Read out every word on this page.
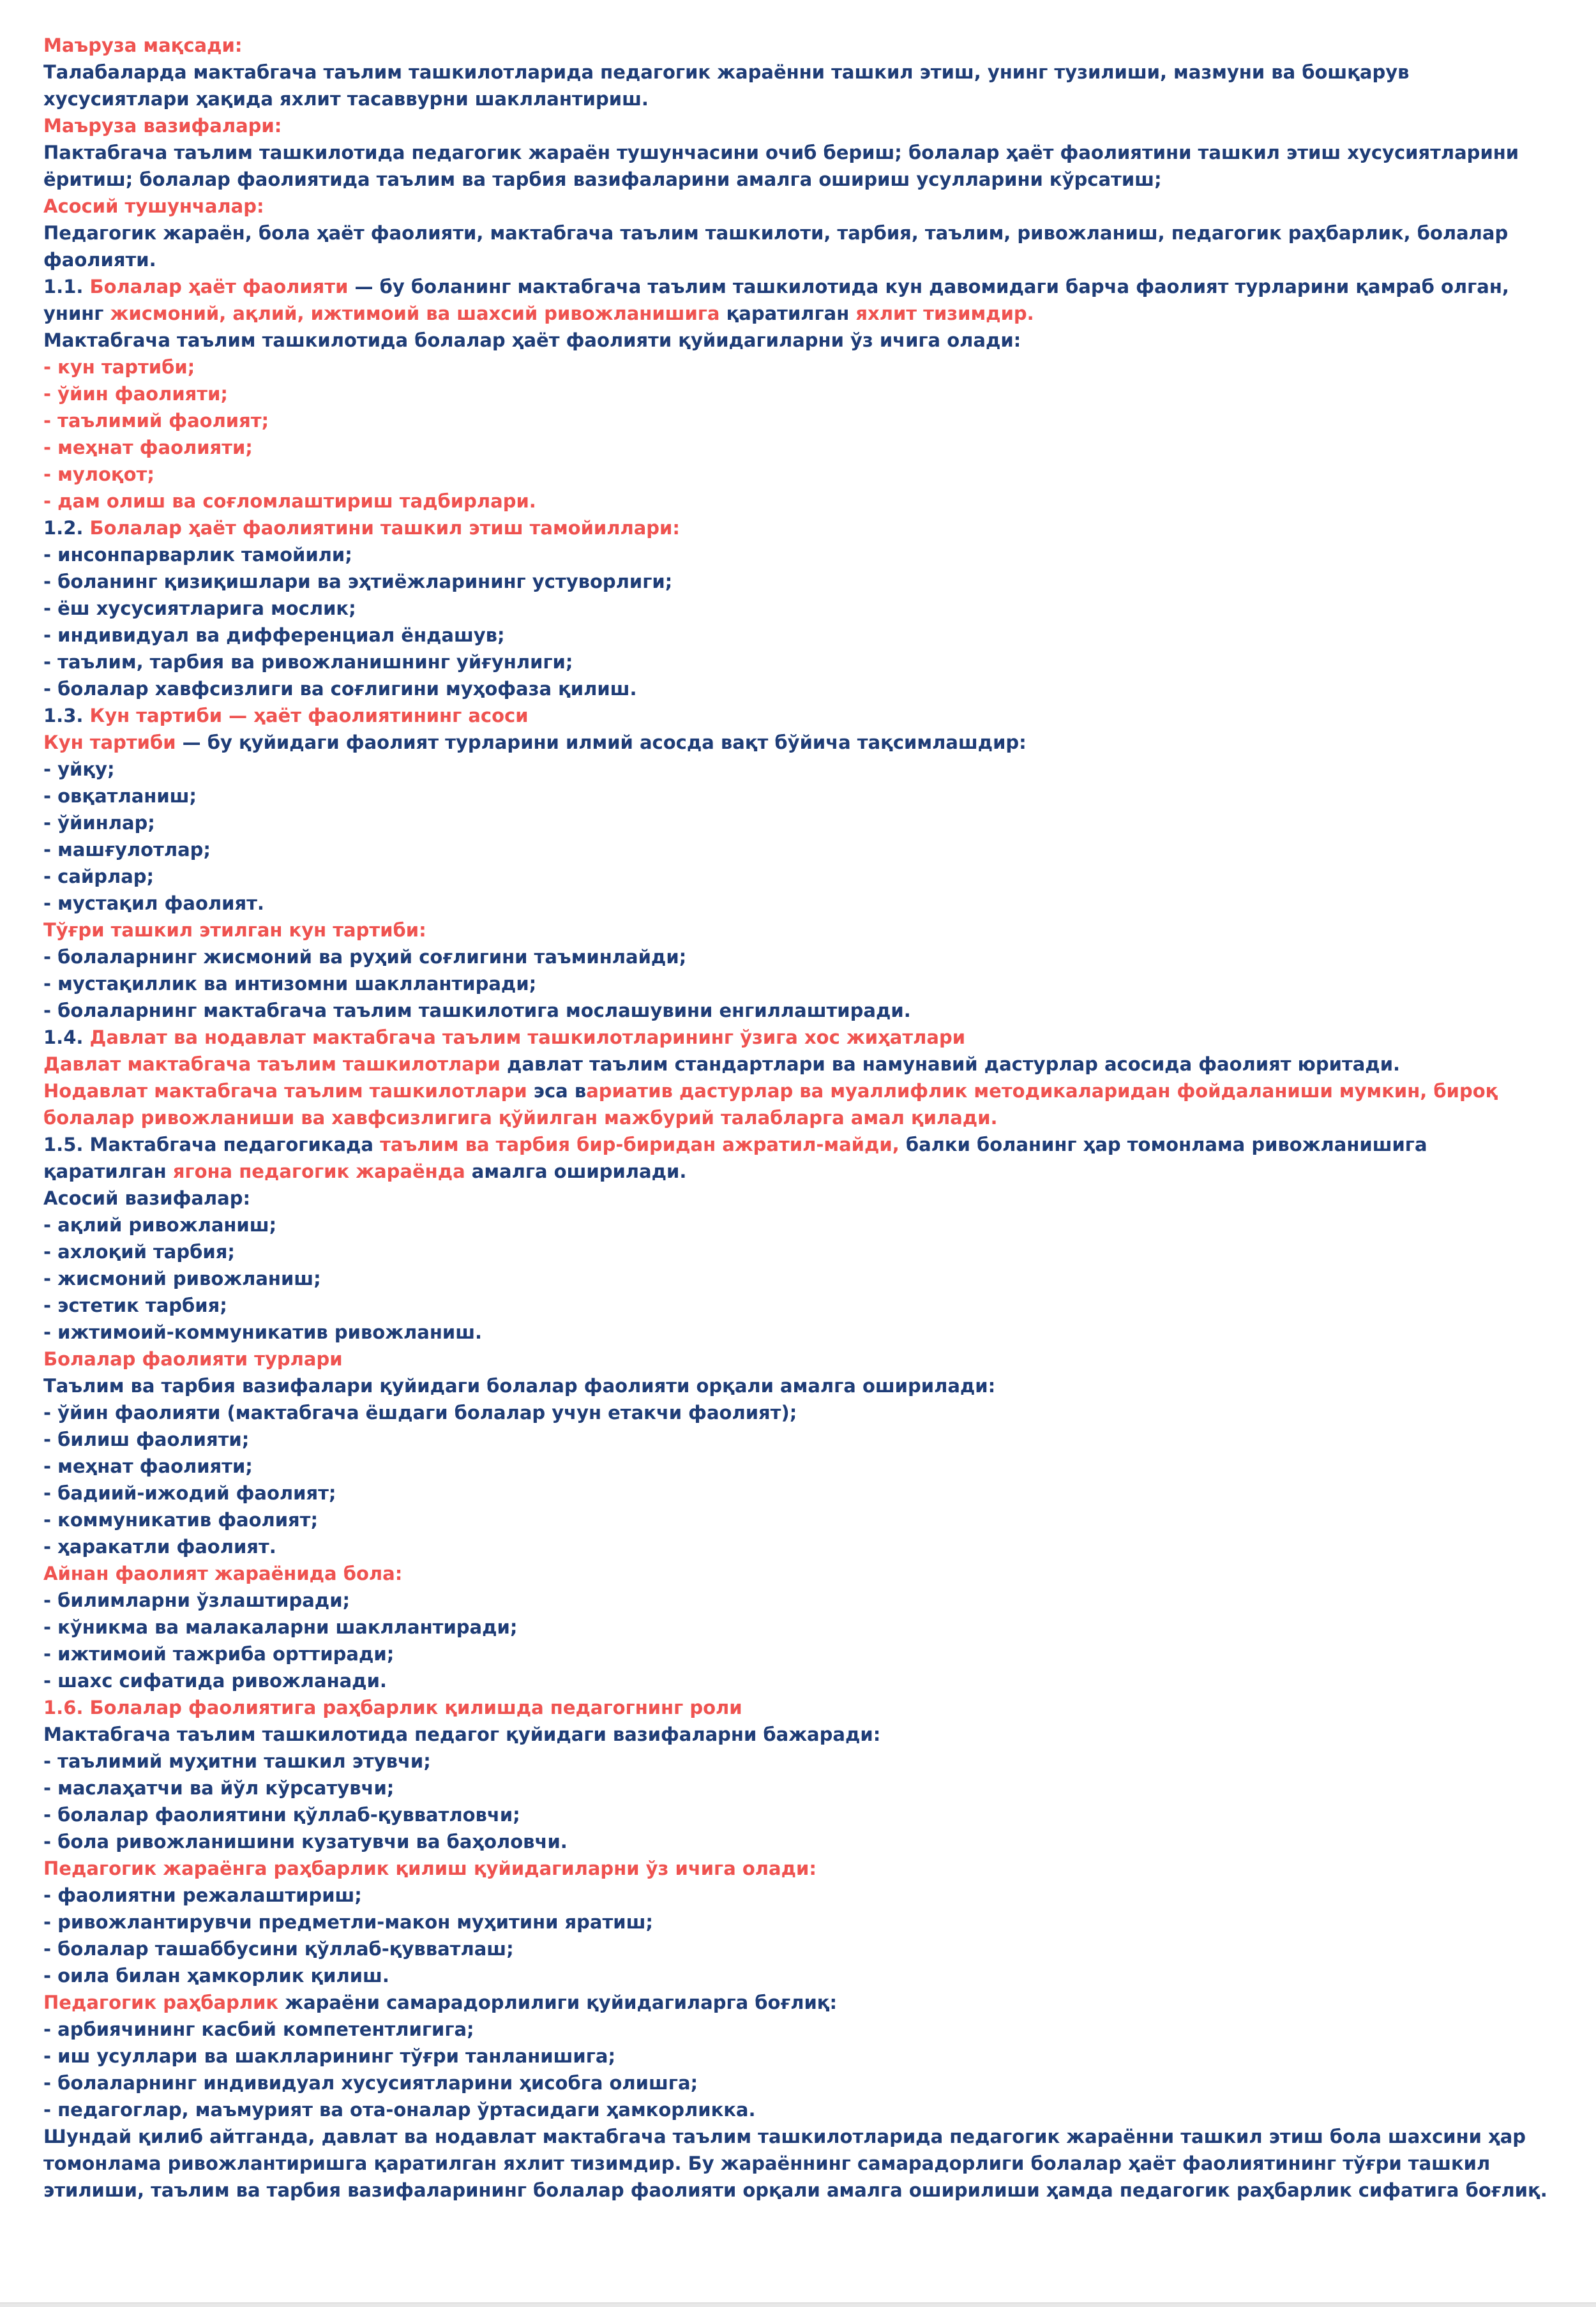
Маъруза мақсади:

Талабаларда мактабгача таълим ташкилотларида педагогик жараённи ташкил этиш, унинг тузилиши, мазмуни ва бошқарув хусусиятлари ҳақида яхлит тасаввурни шакллантириш.

Маъруза вазифалари:

Пактабгача таълим ташкилотида педагогик жараён тушунчасини очиб бериш; болалар ҳаёт фаолиятини ташкил этиш хусусиятларини ёритиш; болалар фаолиятида таълим ва тарбия вазифаларини амалга ошириш усулларини кўрсатиш;

Асосий тушунчалар:

Педагогик жараён, бола ҳаёт фаолияти, мактабгача таълим ташкилоти, тарбия, таълим, ривожланиш, педагогик раҳбарлик, болалар фаолияти.

1.1. Болалар ҳаёт фаолияти — бу боланинг мактабгача таълим ташкилотида кун давомидаги барча фаолият турларини қамраб олган, унинг жисмоний, ақлий, ижтимоий ва шахсий ривожланишига қаратилган яхлит тизимдир.

Мактабгача таълим ташкилотида болалар ҳаёт фаолияти қуйидагиларни ўз ичига олади:

- кун тартиби;

- ўйин фаолияти;

- таълимий фаолият;

- меҳнат фаолияти;

- мулоқот;

- дам олиш ва соғломлаштириш тадбирлари.

1.2. Болалар ҳаёт фаолиятини ташкил этиш тамойиллари:

- инсонпарварлик тамойили;

- боланинг қизиқишлари ва эҳтиёжларининг устуворлиги;

- ёш хусусиятларига мослик;

- индивидуал ва дифференциал ёндашув;

- таълим, тарбия ва ривожланишнинг уйғунлиги;

- болалар хавфсизлиги ва соғлигини муҳофаза қилиш.

1.3. Кун тартиби — ҳаёт фаолиятининг асоси

Кун тартиби — бу қуйидаги фаолият турларини илмий асосда вақт бўйича тақсимлашдир:

- уйқу;

- овқатланиш;

- ўйинлар;

- машғулотлар;

- сайрлар;

- мустақил фаолият.

Тўғри ташкил этилган кун тартиби:

- болаларнинг жисмоний ва руҳий соғлигини таъминлайди;

- мустақиллик ва интизомни шакллантиради;

- болаларнинг мактабгача таълим ташкилотига мослашувини енгиллаштиради.

1.4. Давлат ва нодавлат мактабгача таълим ташкилотларининг ўзига хос жиҳатлари

Давлат мактабгача таълим ташкилотлари давлат таълим стандартлари ва намунавий дастурлар асосида фаолият юритади.

Нодавлат мактабгача таълим ташкилотлари эса вариатив дастурлар ва муаллифлик методикаларидан фойдаланиши мумкин, бироқ болалар ривожланиши ва хавфсизлигига қўйилган мажбурий талабларга амал қилади.

1.5. Мактабгача педагогикада таълим ва тарбия бир-биридан ажратил-майди, балки боланинг ҳар томонлама ривожланишига қаратилган ягона педагогик жараёнда амалга оширилади.

Асосий вазифалар:

- ақлий ривожланиш;

- ахлоқий тарбия;

- жисмоний ривожланиш;

- эстетик тарбия;

- ижтимоий-коммуникатив ривожланиш.

Болалар фаолияти турлари

Таълим ва тарбия вазифалари қуйидаги болалар фаолияти орқали амалга оширилади:

- ўйин фаолияти (мактабгача ёшдаги болалар учун етакчи фаолият);

- билиш фаолияти;

- меҳнат фаолияти;

- бадиий-ижодий фаолият;

- коммуникатив фаолият;

- ҳаракатли фаолият.

Айнан фаолият жараёнида бола:

- билимларни ўзлаштиради;

- кўникма ва малакаларни шакллантиради;

- ижтимоий тажриба орттиради;

- шахс сифатида ривожланади.

1.6. Болалар фаолиятига раҳбарлик қилишда педагогнинг роли

Мактабгача таълим ташкилотида педагог қуйидаги вазифаларни бажаради:

- таълимий муҳитни ташкил этувчи;

- маслаҳатчи ва йўл кўрсатувчи;

- болалар фаолиятини қўллаб-қувватловчи;

- бола ривожланишини кузатувчи ва баҳоловчи.

Педагогик жараёнга раҳбарлик қилиш қуйидагиларни ўз ичига олади:

- фаолиятни режалаштириш;

- ривожлантирувчи предметли-макон муҳитини яратиш;

- болалар ташаббусини қўллаб-қувватлаш;

- оила билан ҳамкорлик қилиш.

Педагогик раҳбарлик жараёни самарадорлилиги қуйидагиларга боғлиқ:

- арбиячининг касбий компетентлигига;

- иш усуллари ва шаклларининг тўғри танланишига;

- болаларнинг индивидуал хусусиятларини ҳисобга олишга;

- педагоглар, маъмурият ва ота-оналар ўртасидаги ҳамкорликка.

Шундай қилиб айтганда, давлат ва нодавлат мактабгача таълим ташкилотларида педагогик жараённи ташкил этиш бола шахсини ҳар томонлама ривожлантиришга қаратилган яхлит тизимдир. Бу жараённинг самарадорлиги болалар ҳаёт фаолиятининг тўғри ташкил этилиши, таълим ва тарбия вазифаларининг болалар фаолияти орқали амалга оширилиши ҳамда педагогик раҳбарлик сифатига боғлиқ.
